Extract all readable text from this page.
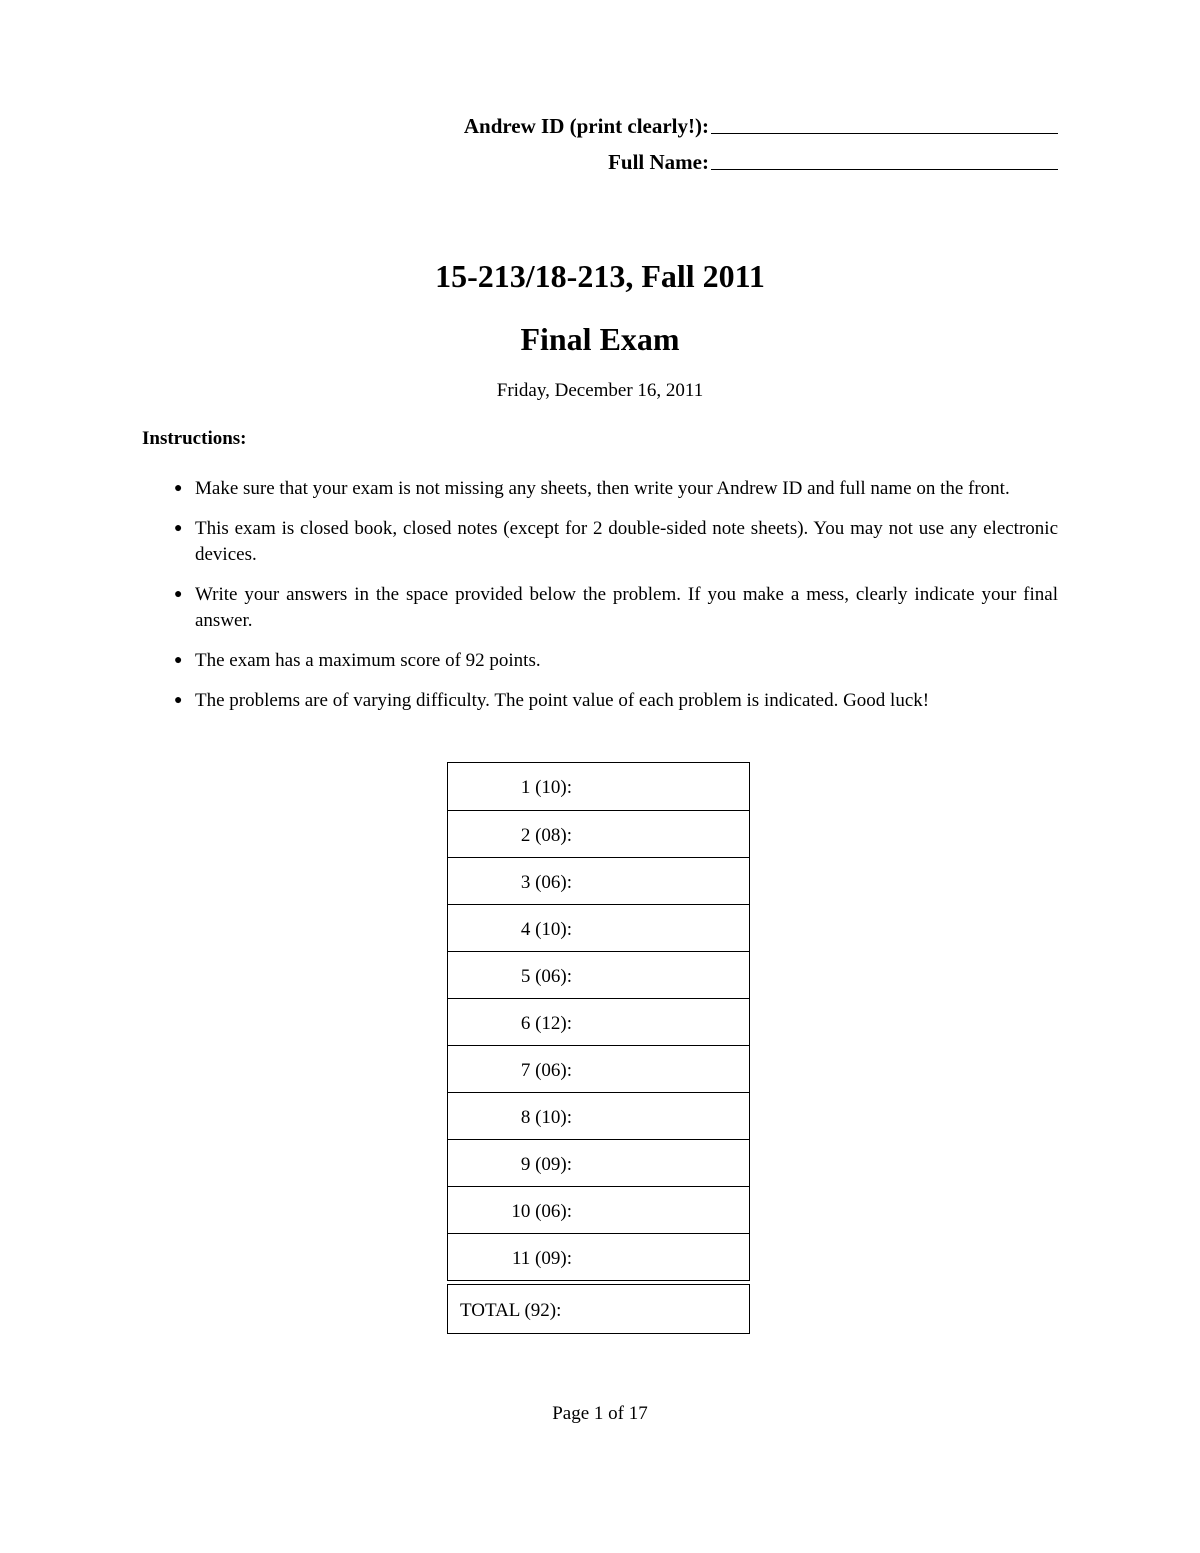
Andrew ID (print clearly!):
Full Name:
15-213/18-213, Fall 2011
Final Exam
Friday, December 16, 2011
Instructions:
● Make sure that your exam is not missing any sheets, then write your Andrew ID and full name on the front.
● This exam is closed book, closed notes (except for 2 double-sided note sheets). You may not use any electronic devices.
● Write your answers in the space provided below the problem. If you make a mess, clearly indicate your final answer.
● The exam has a maximum score of 92 points.
● The problems are of varying difficulty. The point value of each problem is indicated. Good luck!
1 (10):
2 (08):
3 (06):
4 (10):
5 (06):
6 (12):
7 (06):
8 (10):
9 (09):
10 (06):
11 (09):
TOTAL (92):
Page 1 of 17
